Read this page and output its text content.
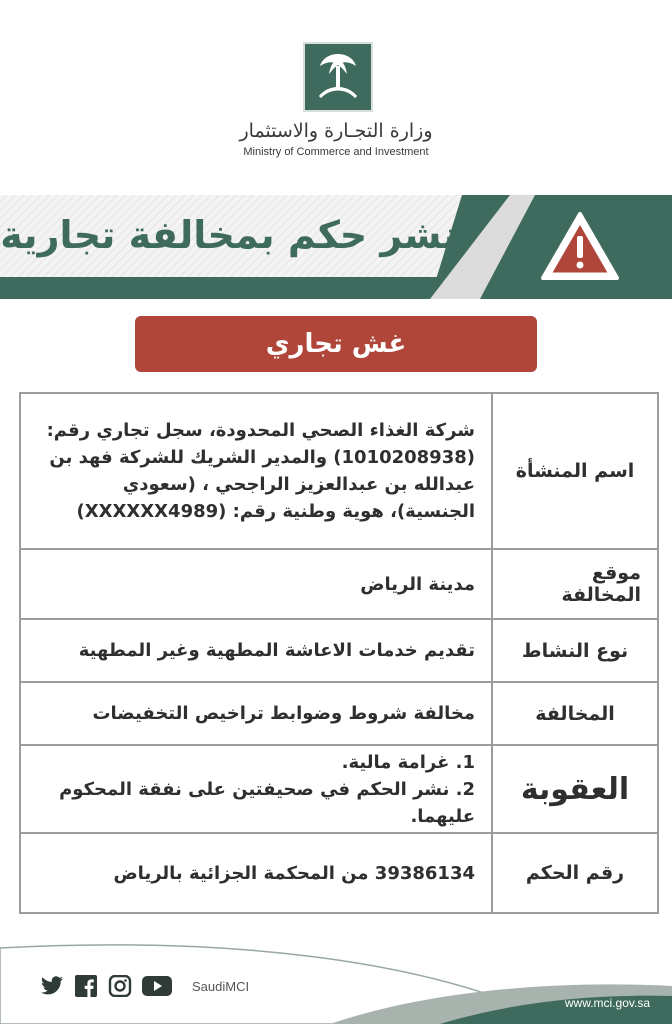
وزارة التجـارة والاستثمار
Ministry of Commerce and Investment
نشر حكم بمخالفة تجارية
غش تجاري
اسم المنشأة
شركة الغذاء الصحي المحدودة، سجل تجاري رقم: (1010208938) والمدير الشريك للشركة فهد بن عبدالله بن عبدالعزيز الراجحي ، (سعودي الجنسية)، هوية وطنية رقم: (XXXXXX4989)
موقع المخالفة
مدينة الرياض
نوع النشاط
تقديم خدمات الاعاشة المطهية وغير المطهية
المخالفة
مخالفة شروط وضوابط تراخيص التخفيضات
العقوبة
1. غرامة مالية.
2. نشر الحكم في صحيفتين على نفقة المحكوم عليهما.
رقم الحكم
39386134 من المحكمة الجزائية بالرياض
SaudiMCI
www.mci.gov.sa
